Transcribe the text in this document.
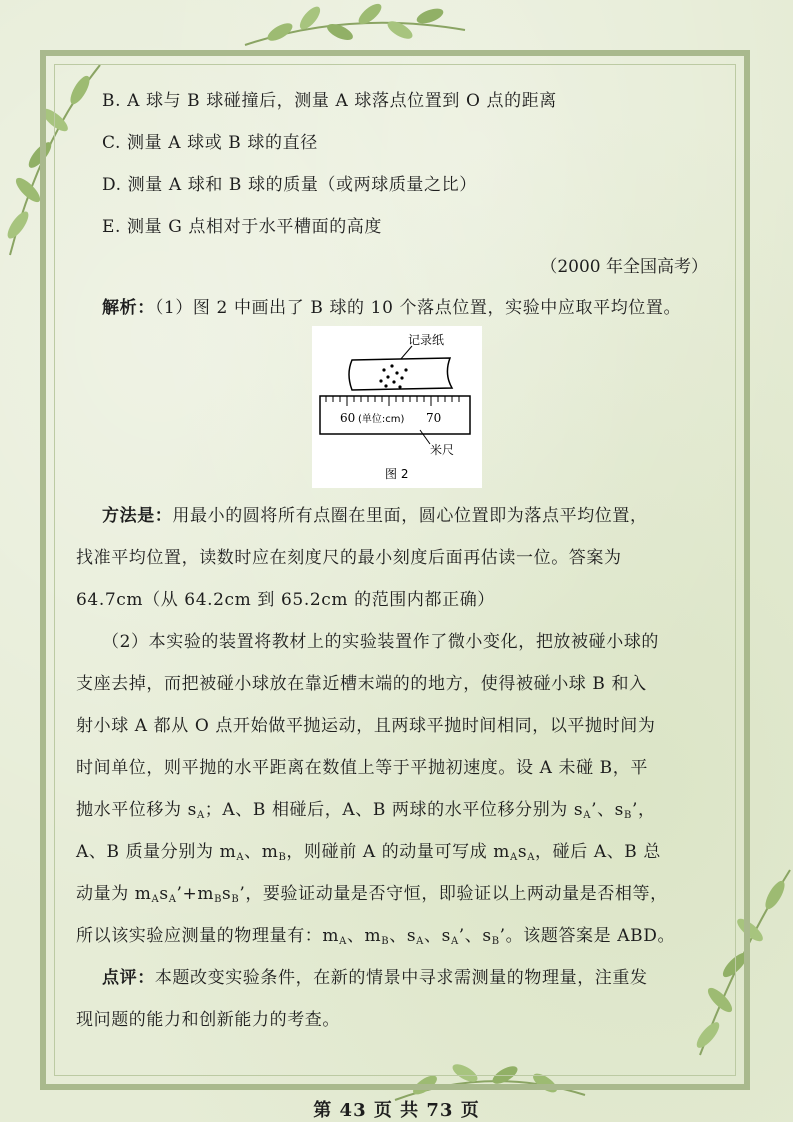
B. A 球与 B 球碰撞后，测量 A 球落点位置到 O 点的距离
C. 测量 A 球或 B 球的直径
D. 测量 A 球和 B 球的质量（或两球质量之比）
E. 测量 G 点相对于水平槽面的高度
（2000 年全国高考）
解析：（1）图 2 中画出了 B 球的 10 个落点位置，实验中应取平均位置。
记录纸
60 (单位:cm) 70
米尺
图 2
方法是：用最小的圆将所有点圈在里面，圆心位置即为落点平均位置，
找准平均位置，读数时应在刻度尺的最小刻度后面再估读一位。答案为
64.7cm（从 64.2cm 到 65.2cm 的范围内都正确）
（2）本实验的装置将教材上的实验装置作了微小变化，把放被碰小球的
支座去掉，而把被碰小球放在靠近槽末端的的地方，使得被碰小球 B 和入
射小球 A 都从 O 点开始做平抛运动，且两球平抛时间相同，以平抛时间为
时间单位，则平抛的水平距离在数值上等于平抛初速度。设 A 未碰 B，平
抛水平位移为 $s_A$；A、B 相碰后，A、B 两球的水平位移分别为 $s_A$’、$s_B$’，
A、B 质量分别为 $m_A$、$m_B$，则碰前 A 的动量可写成 $m_As_A$，碰后 A、B 总
动量为 $m_As_A’+m_Bs_B$’，要验证动量是否守恒，即验证以上两动量是否相等，
所以该实验应测量的物理量有：$m_A$、$m_B$、$s_A$、$s_A$’、$s_B$’。该题答案是 ABD。
点评：本题改变实验条件，在新的情景中寻求需测量的物理量，注重发
现问题的能力和创新能力的考查。
第 43 页 共 73 页
